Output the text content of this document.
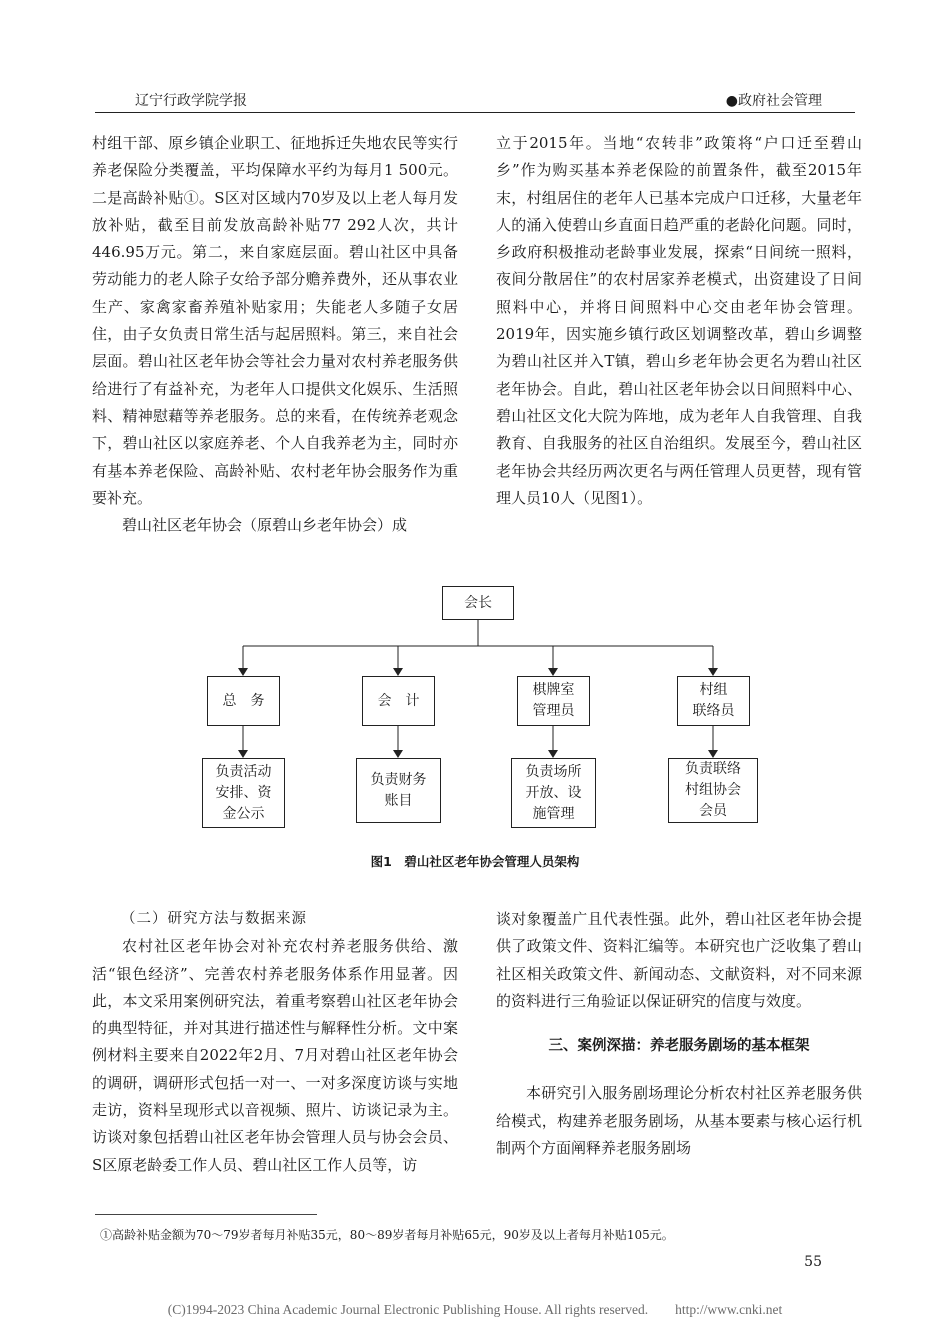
辽宁行政学院学报	●政府社会管理

村组干部、原乡镇企业职工、征地拆迁失地农民等实行养老保险分类覆盖，平均保障水平约为每月1 500元。二是高龄补贴①。S区对区域内70岁及以上老人每月发放补贴，截至目前发放高龄补贴77 292人次，共计446.95万元。第二，来自家庭层面。碧山社区中具备劳动能力的老人除子女给予部分赡养费外，还从事农业生产、家禽家畜养殖补贴家用；失能老人多随子女居住，由子女负责日常生活与起居照料。第三，来自社会层面。碧山社区老年协会等社会力量对农村养老服务供给进行了有益补充，为老年人口提供文化娱乐、生活照料、精神慰藉等养老服务。总的来看，在传统养老观念下，碧山社区以家庭养老、个人自我养老为主，同时亦有基本养老保险、高龄补贴、农村老年协会服务作为重要补充。

碧山社区老年协会（原碧山乡老年协会）成

立于2015年。当地“农转非”政策将“户口迁至碧山乡”作为购买基本养老保险的前置条件，截至2015年末，村组居住的老年人已基本完成户口迁移，大量老年人的涌入使碧山乡直面日趋严重的老龄化问题。同时，乡政府积极推动老龄事业发展，探索“日间统一照料，夜间分散居住”的农村居家养老模式，出资建设了日间照料中心，并将日间照料中心交由老年协会管理。2019年，因实施乡镇行政区划调整改革，碧山乡调整为碧山社区并入T镇，碧山乡老年协会更名为碧山社区老年协会。自此，碧山社区老年协会以日间照料中心、碧山社区文化大院为阵地，成为老年人自我管理、自我教育、自我服务的社区自治组织。发展至今，碧山社区老年协会共经历两次更名与两任管理人员更替，现有管理人员10人（见图1）。

会长
总　务	会　计
棋牌室
管理员
村组
联络员
负责活动
安排、资
金公示
负责财务
账目
负责场所
开放、设
施管理
负责联络
村组协会
会员
图1　碧山社区老年协会管理人员架构

（二）研究方法与数据来源

农村社区老年协会对补充农村养老服务供给、激活“银色经济”、完善农村养老服务体系作用显著。因此，本文采用案例研究法，着重考察碧山社区老年协会的典型特征，并对其进行描述性与解释性分析。文中案例材料主要来自2022年2月、7月对碧山社区老年协会的调研，调研形式包括一对一、一对多深度访谈与实地走访，资料呈现形式以音视频、照片、访谈记录为主。访谈对象包括碧山社区老年协会管理人员与协会会员、S区原老龄委工作人员、碧山社区工作人员等，访

谈对象覆盖广且代表性强。此外，碧山社区老年协会提供了政策文件、资料汇编等。本研究也广泛收集了碧山社区相关政策文件、新闻动态、文献资料，对不同来源的资料进行三角验证以保证研究的信度与效度。

三、案例深描：养老服务剧场的基本框架

本研究引入服务剧场理论分析农村社区养老服务供给模式，构建养老服务剧场，从基本要素与核心运行机制两个方面阐释养老服务剧场

①高龄补贴金额为70～79岁者每月补贴35元，80～89岁者每月补贴65元，90岁及以上者每月补贴105元。
55
(C)1994-2023 China Academic Journal Electronic Publishing House. All rights reserved.　　http://www.cnki.net
